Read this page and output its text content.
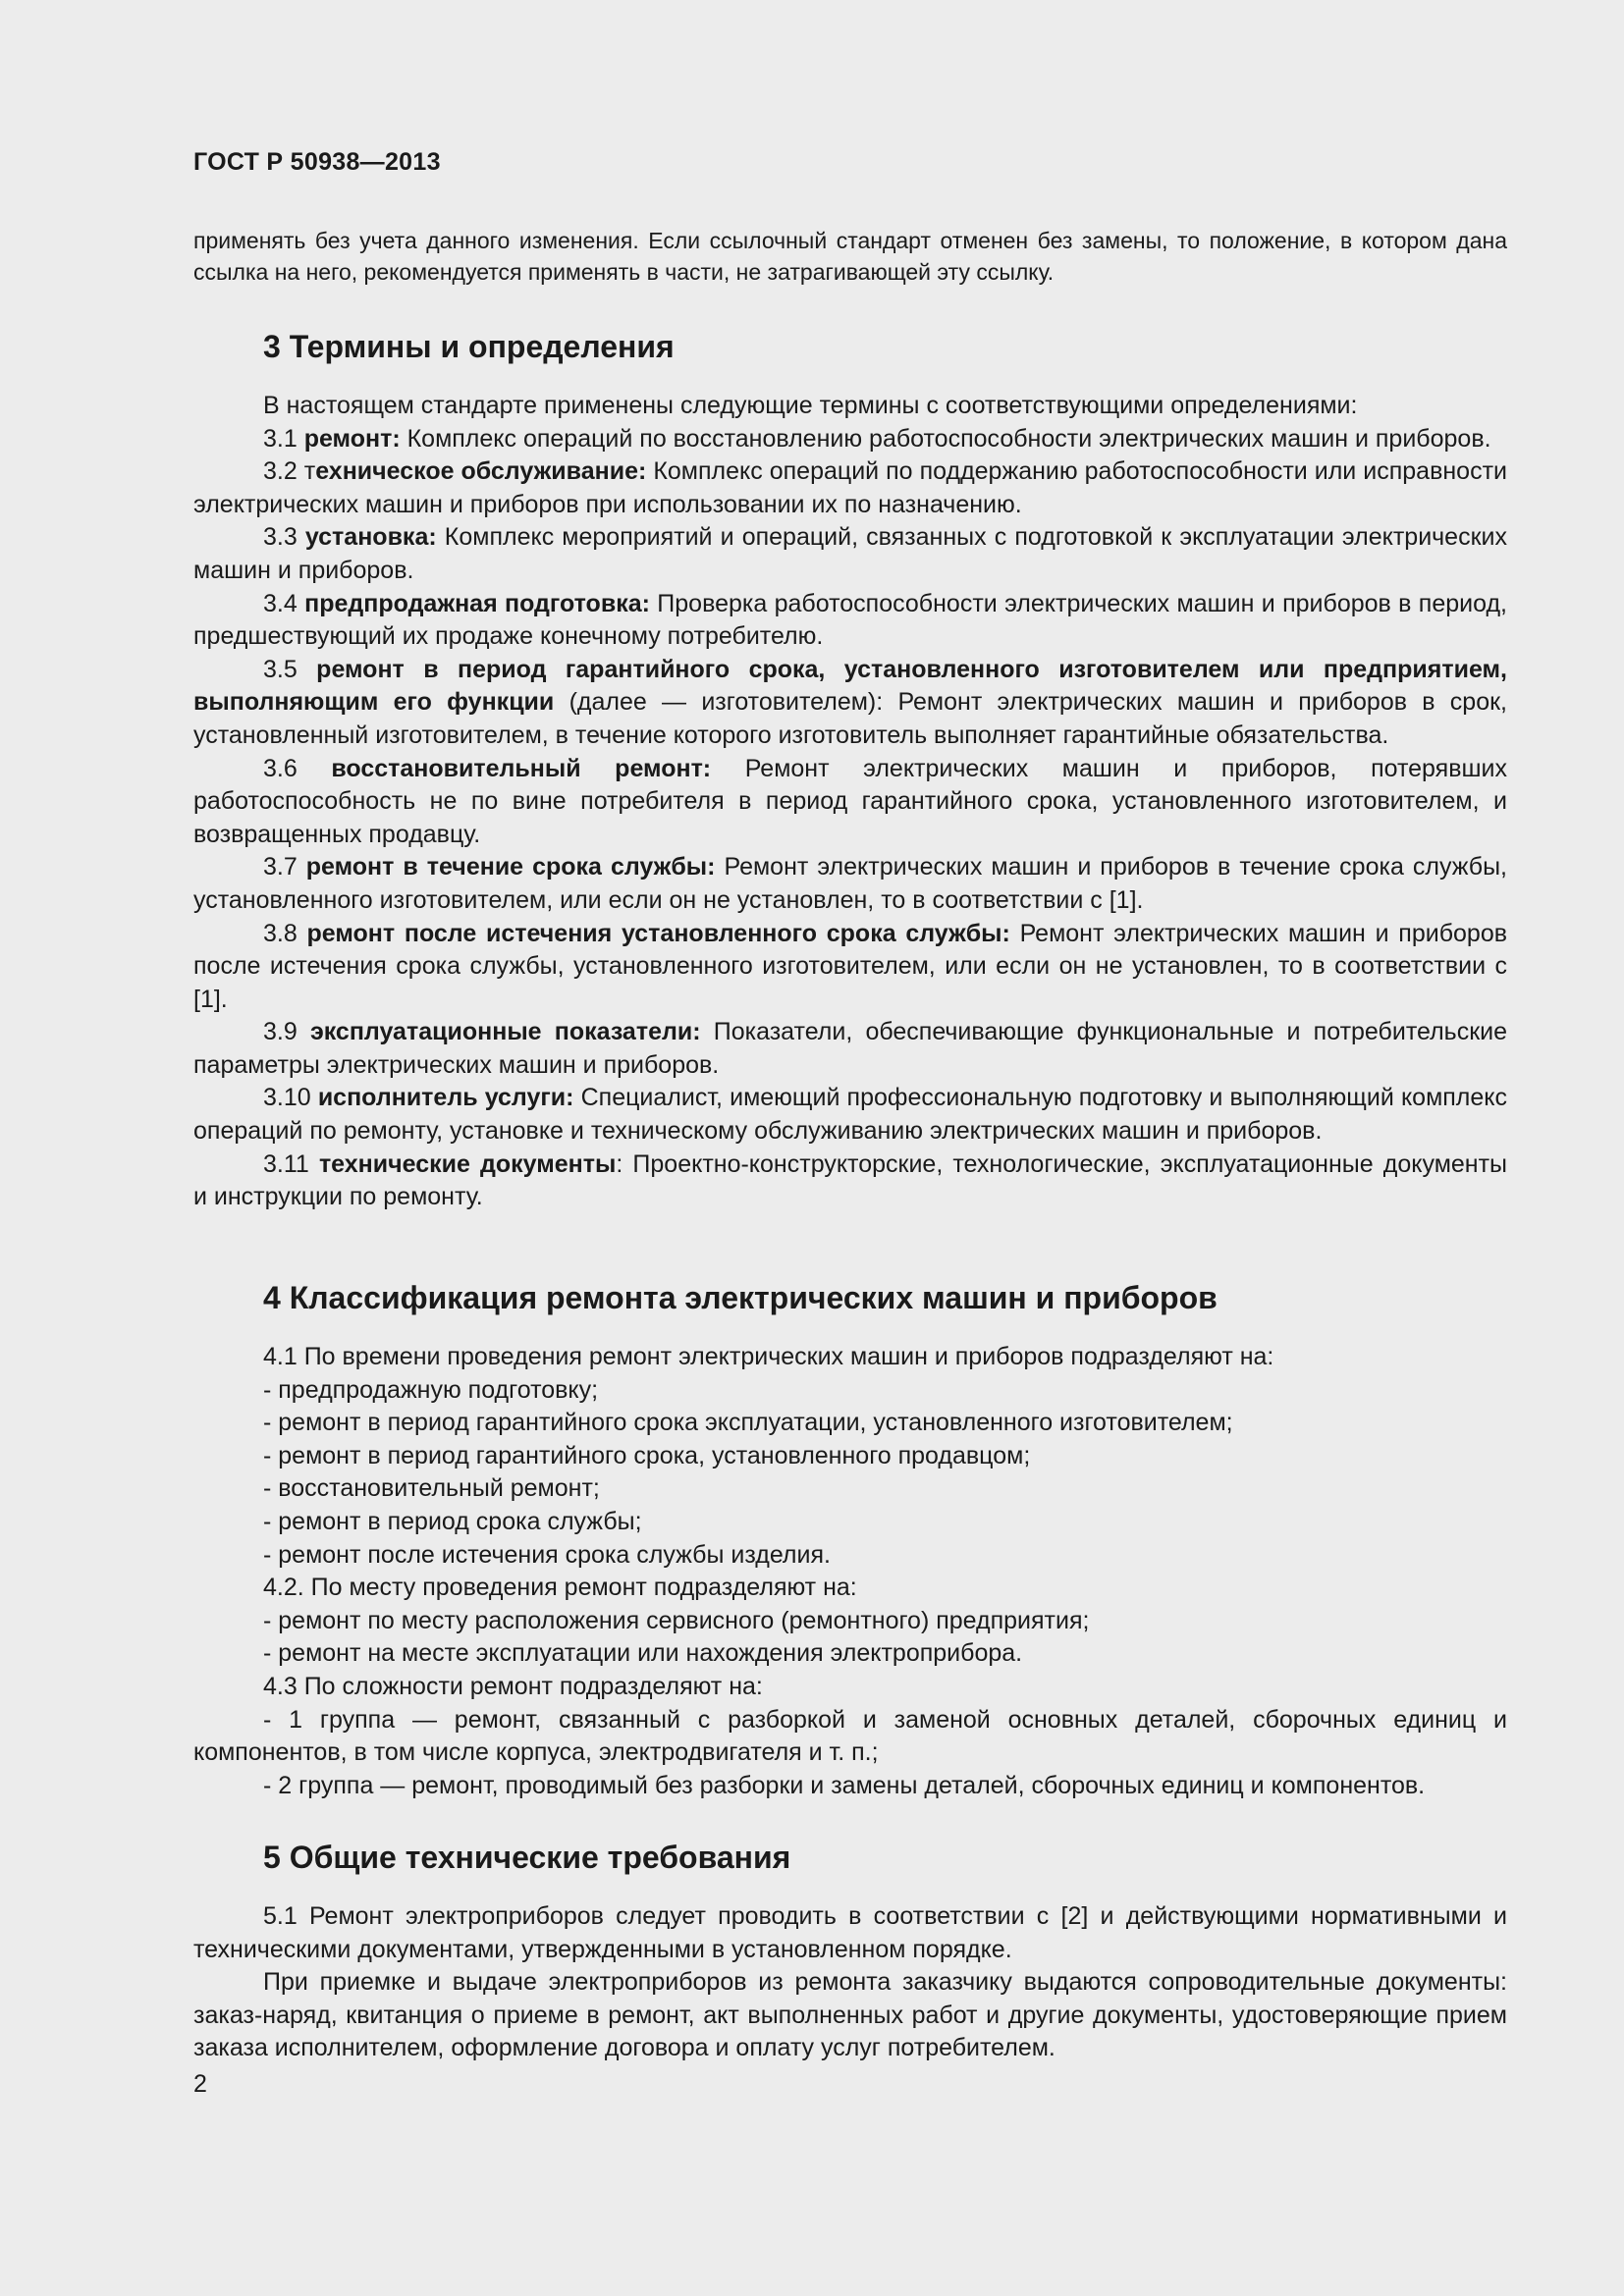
ГОСТ Р 50938—2013
применять без учета данного изменения. Если ссылочный стандарт отменен без замены, то положение, в котором дана ссылка на него, рекомендуется применять в части, не затрагивающей эту ссылку.
3 Термины и определения

В настоящем стандарте применены следующие термины с соответствующими определениями:

3.1 ремонт: Комплекс операций по восстановлению работоспособности электрических машин и приборов.

3.2 техническое обслуживание: Комплекс операций по поддержанию работоспособности или исправности электрических машин и приборов при использовании их по назначению.

3.3 установка: Комплекс мероприятий и операций, связанных с подготовкой к эксплуатации электрических машин и приборов.

3.4 предпродажная подготовка: Проверка работоспособности электрических машин и приборов в период, предшествующий их продаже конечному потребителю.

3.5 ремонт в период гарантийного срока, установленного изготовителем или предприятием, выполняющим его функции (далее — изготовителем): Ремонт электрических машин и приборов в срок, установленный изготовителем, в течение которого изготовитель выполняет гарантийные обязательства.

3.6 восстановительный ремонт: Ремонт электрических машин и приборов, потерявших работоспособность не по вине потребителя в период гарантийного срока, установленного изготовителем, и возвращенных продавцу.

3.7 ремонт в течение срока службы: Ремонт электрических машин и приборов в течение срока службы, установленного изготовителем, или если он не установлен, то в соответствии с [1].

3.8 ремонт после истечения установленного срока службы: Ремонт электрических машин и приборов после истечения срока службы, установленного изготовителем, или если он не установлен, то в соответствии с [1].

3.9 эксплуатационные показатели: Показатели, обеспечивающие функциональные и потребительские параметры электрических машин и приборов.

3.10 исполнитель услуги: Специалист, имеющий профессиональную подготовку и выполняющий комплекс операций по ремонту, установке и техническому обслуживанию электрических машин и приборов.

3.11 технические документы: Проектно-конструкторские, технологические, эксплуатационные документы и инструкции по ремонту.

4 Классификация ремонта электрических машин и приборов

4.1 По времени проведения ремонт электрических машин и приборов подразделяют на:

- предпродажную подготовку;

- ремонт в период гарантийного срока эксплуатации, установленного изготовителем;

- ремонт в период гарантийного срока, установленного продавцом;

- восстановительный ремонт;

- ремонт в период срока службы;

- ремонт после истечения срока службы изделия.

4.2. По месту проведения ремонт подразделяют на:

- ремонт по месту расположения сервисного (ремонтного) предприятия;

- ремонт на месте эксплуатации или нахождения электроприбора.

4.3 По сложности ремонт подразделяют на:

- 1 группа — ремонт, связанный с разборкой и заменой основных деталей, сборочных единиц и компонентов, в том числе корпуса, электродвигателя и т. п.;

- 2 группа — ремонт, проводимый без разборки и замены деталей, сборочных единиц и компонентов.

5 Общие технические требования

5.1 Ремонт электроприборов следует проводить в соответствии с [2] и действующими нормативными и техническими документами, утвержденными в установленном порядке.

При приемке и выдаче электроприборов из ремонта заказчику выдаются сопроводительные документы: заказ-наряд, квитанция о приеме в ремонт, акт выполненных работ и другие документы, удостоверяющие прием заказа исполнителем, оформление договора и оплату услуг потребителем.

2
